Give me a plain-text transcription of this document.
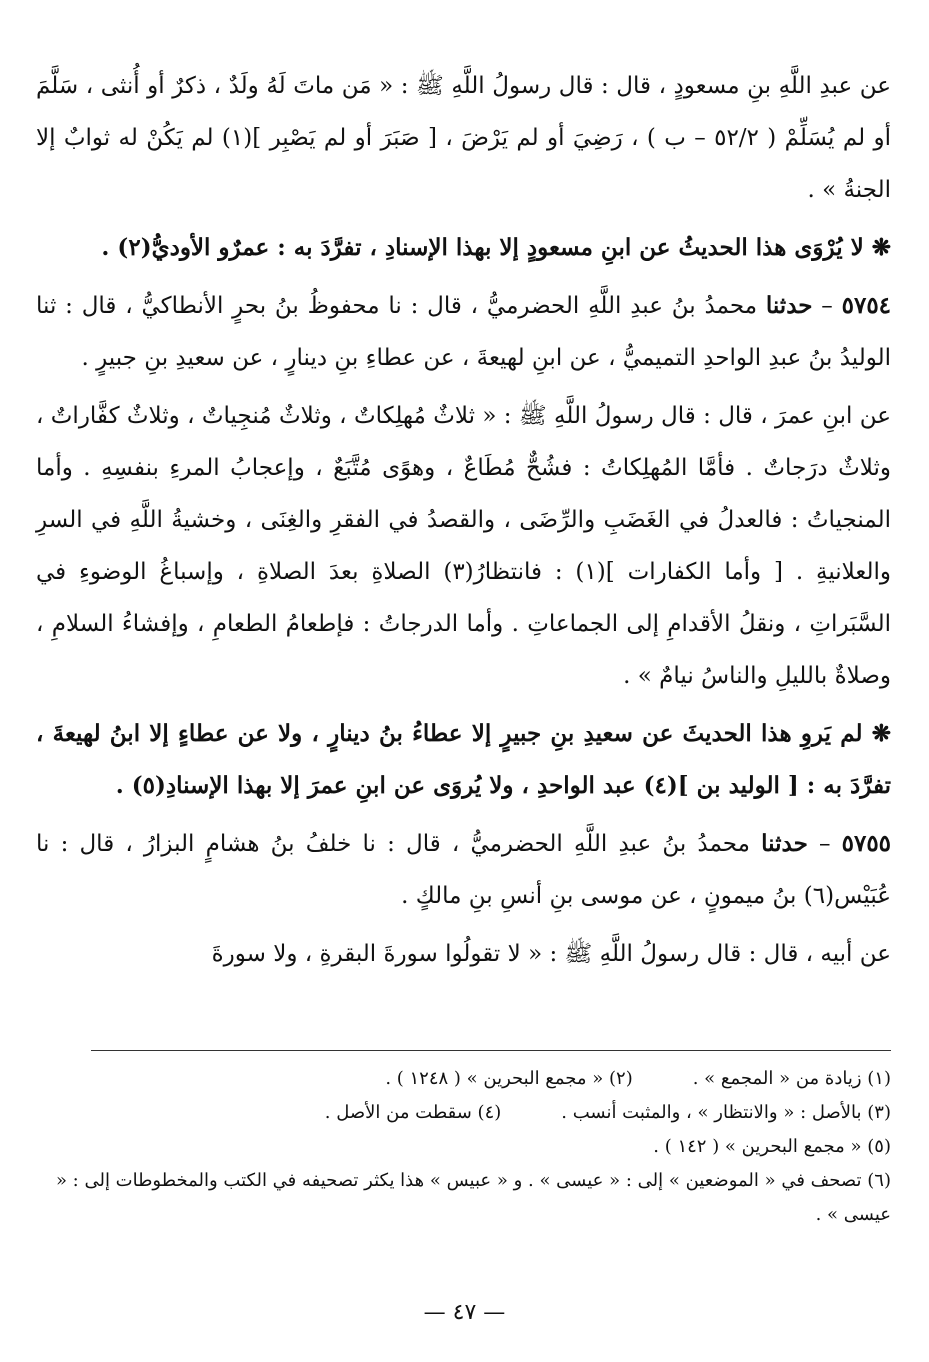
عن عبدِ اللَّهِ بنِ مسعودٍ ، قال : قال رسولُ اللَّهِ ﷺ : « مَن ماتَ لَهُ ولَدٌ ، ذكرٌ أو أُنثى ، سَلَّمَ أو لم يُسَلِّمْ ( ٥٢/٢ – ب ) ، رَضِيَ أو لم يَرْضَ ، [ صَبَرَ أو لم يَصْبِر ](١) لم يَكُنْ له ثوابٌ إلا الجنةُ » .

❋ لا يُرْوَى هذا الحديثُ عن ابنِ مسعودٍ إلا بهذا الإسنادِ ، تفرَّدَ به : عمرٌو الأوديُّ(٢) .

٥٧٥٤ – حدثنا محمدُ بنُ عبدِ اللَّهِ الحضرميُّ ، قال : نا محفوظُ بنُ بحرٍ الأنطاكيُّ ، قال : ثنا الوليدُ بنُ عبدِ الواحدِ التميميُّ ، عن ابنِ لهيعةَ ، عن عطاءِ بنِ دينارٍ ، عن سعيدِ بنِ جبيرٍ .

عن ابنِ عمرَ ، قال : قال رسولُ اللَّهِ ﷺ : « ثلاثٌ مُهلِكاتٌ ، وثلاثٌ مُنجِياتٌ ، وثلاثٌ كفَّاراتٌ ، وثلاثٌ درَجاتٌ . فأمَّا المُهلِكاتُ : فشُحٌّ مُطَاعٌ ، وهوًى مُتَّبَعٌ ، وإعجابُ المرءِ بنفسِهِ . وأما المنجياتُ : فالعدلُ في الغَضَبِ والرِّضَى ، والقصدُ في الفقرِ والغِنَى ، وخشيةُ اللَّهِ في السرِ والعلانيةِ . [ وأما الكفارات ](١) : فانتظارُ(٣) الصلاةِ بعدَ الصلاةِ ، وإسباغُ الوضوءِ في السَّبَراتِ ، ونقلُ الأقدامِ إلى الجماعاتِ . وأما الدرجاتُ : فإطعامُ الطعامِ ، وإفشاءُ السلامِ ، وصلاةٌ بالليلِ والناسُ نيامٌ » .

❋ لم يَروِ هذا الحديثَ عن سعيدِ بنِ جبيرٍ إلا عطاءُ بنُ دينارٍ ، ولا عن عطاءٍ إلا ابنُ لهيعةَ ، تفرَّدَ به : [ الوليد بن ](٤) عبد الواحدِ ، ولا يُروَى عن ابنِ عمرَ إلا بهذا الإسنادِ(٥) .

٥٧٥٥ – حدثنا محمدُ بنُ عبدِ اللَّهِ الحضرميُّ ، قال : نا خلفُ بنُ هشامٍ البزارُ ، قال : نا عُبَيْس(٦) بنُ ميمونٍ ، عن موسى بنِ أنسِ بنِ مالكٍ .

عن أبيه ، قال : قال رسولُ اللَّهِ ﷺ : « لا تقولُوا سورةَ البقرةِ ، ولا سورةَ

(١) زيادة من « المجمع » .
(٢) « مجمع البحرين » ( ١٢٤٨ ) .
(٣) بالأصل : « والانتظار » ، والمثبت أنسب .
(٤) سقطت من الأصل .
(٥) « مجمع البحرين » ( ١٤٢ ) .
(٦) تصحف في « الموضعين » إلى : « عيسى » . و « عبيس » هذا يكثر تصحيفه في الكتب والمخطوطات إلى : « عيسى » .
— ٤٧ —
